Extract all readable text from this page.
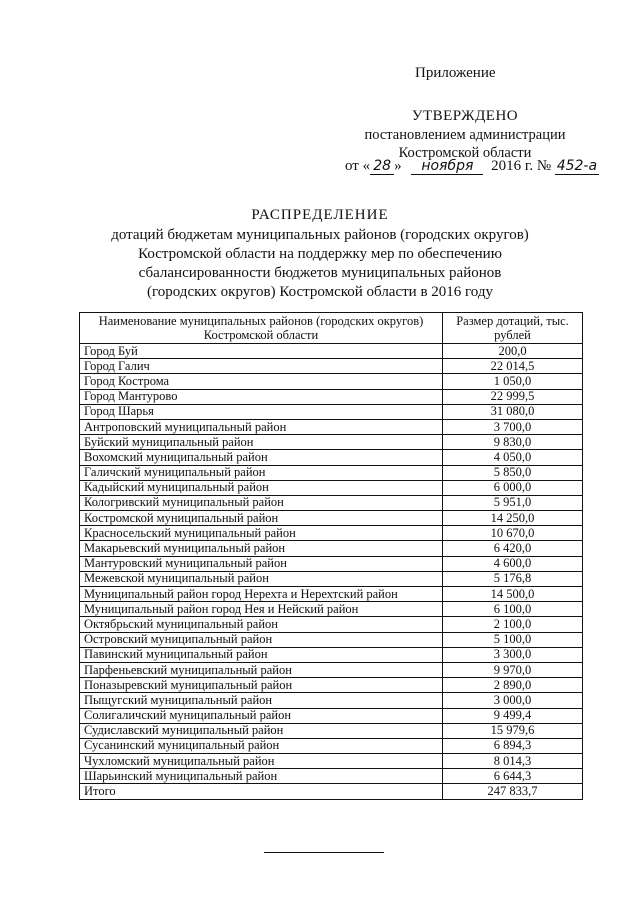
Приложение
УТВЕРЖДЕНО
постановлением администрации
Костромской области
от « 28 » ноября 2016 г. № 452-а
РАСПРЕДЕЛЕНИЕ
дотаций бюджетам муниципальных районов (городских округов)
Костромской области на поддержку мер по обеспечению
сбалансированности бюджетов муниципальных районов
(городских округов) Костромской области в 2016 году
Наименование муниципальных районов (городских округов) Костромской области	Размер дотаций, тыс. рублей
Город Буй	200,0
Город Галич	22 014,5
Город Кострома	1 050,0
Город Мантурово	22 999,5
Город Шарья	31 080,0
Антроповский муниципальный район	3 700,0
Буйский муниципальный район	9 830,0
Вохомский муниципальный район	4 050,0
Галичский муниципальный район	5 850,0
Кадыйский муниципальный район	6 000,0
Кологривский муниципальный район	5 951,0
Костромской муниципальный район	14 250,0
Красносельский муниципальный район	10 670,0
Макарьевский муниципальный район	6 420,0
Мантуровский муниципальный район	4 600,0
Межевской муниципальный район	5 176,8
Муниципальный район город Нерехта и Нерехтский район	14 500,0
Муниципальный район город Нея и Нейский район	6 100,0
Октябрьский муниципальный район	2 100,0
Островский муниципальный район	5 100,0
Павинский муниципальный район	3 300,0
Парфеньевский муниципальный район	9 970,0
Поназыревский муниципальный район	2 890,0
Пыщугский муниципальный район	3 000,0
Солигаличский муниципальный район	9 499,4
Судиславский муниципальный район	15 979,6
Сусанинский муниципальный район	6 894,3
Чухломский муниципальный район	8 014,3
Шарьинский муниципальный район	6 644,3
Итого	247 833,7
